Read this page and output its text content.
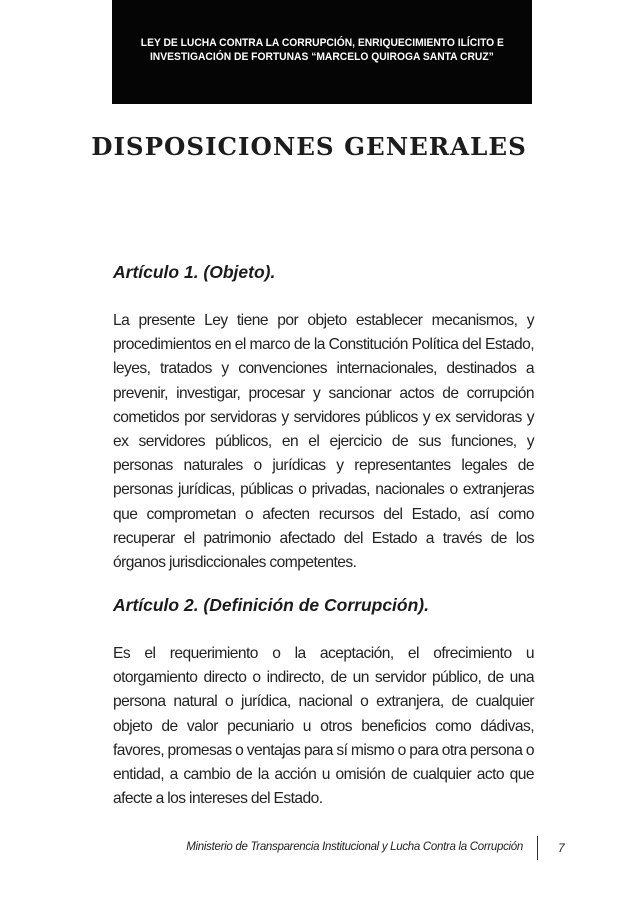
LEY DE LUCHA CONTRA LA CORRUPCIÓN, ENRIQUECIMIENTO ILÍCITO E
INVESTIGACIÓN DE FORTUNAS “MARCELO QUIROGA SANTA CRUZ”
DISPOSICIONES GENERALES
Artículo 1. (Objeto).

La presente Ley tiene por objeto establecer mecanismos, y procedimientos en el marco de la Constitución Política del Estado, leyes, tratados y convenciones internacionales, destinados a prevenir, investigar, procesar y sancionar actos de corrupción cometidos por servidoras y servidores públicos y ex servidoras y ex servidores públicos, en el ejercicio de sus funciones, y personas naturales o jurídicas y representantes legales de personas jurídicas, públicas o privadas, nacionales o extranjeras que comprometan o afecten recursos del Estado, así como recuperar el patrimonio afectado del Estado a través de los órganos jurisdiccionales competentes.

Artículo 2. (Definición de Corrupción).

Es el requerimiento o la aceptación, el ofrecimiento u otorgamiento directo o indirecto, de un servidor público, de una persona natural o jurídica, nacional o extranjera, de cualquier objeto de valor pecuniario u otros beneficios como dádivas, favores, promesas o ventajas para sí mismo o para otra persona o entidad, a cambio de la acción u omisión de cualquier acto que afecte a los intereses del Estado.

Ministerio de Transparencia Institucional y Lucha Contra la Corrupción	7
